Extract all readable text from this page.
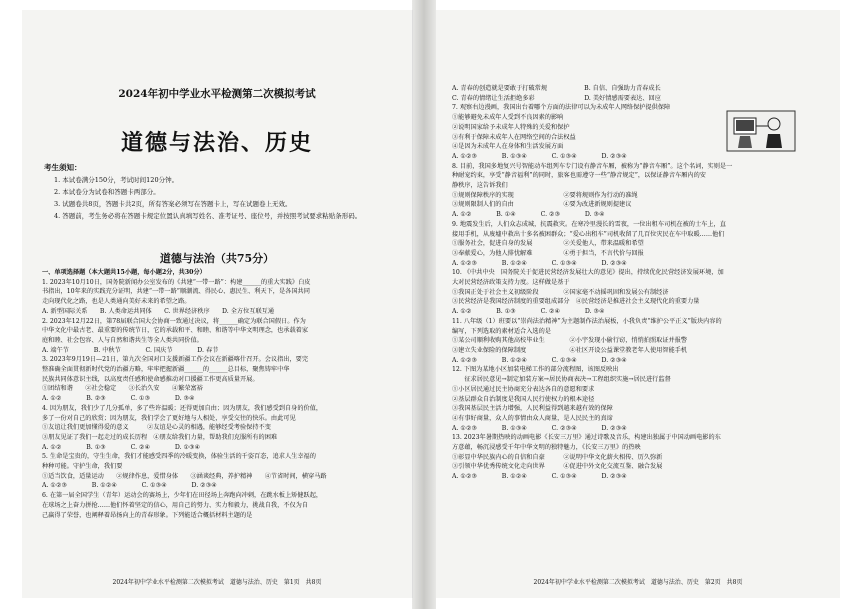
2024年初中学业水平检测第二次模拟考试
道德与法治、历史
考生须知：
1. 本试卷满分150分，考试时间120分钟。
2. 本试卷分为试卷和答题卡两部分。
3. 试题卷共8页，答题卡共2页，所有答案必须写在答题卡上，写在试题卷上无效。
4. 答题前，考生务必将在答题卡规定位置认真填写姓名、准考证号、座位号，并按照考试要求粘贴条形码。
道德与法治（共75分）
一、单项选择题（本大题共15小题，每小题2分，共30分）
1. 2023年10月10日，国务院新闻办公室发布的《共建“一带一路”：构建______的重大实践》白皮
书指出，10年来的实践充分证明，共建“一带一路”顺潮流、得民心、惠民生、利天下，是各国共同
走向现代化之路，也是人类通向美好未来的希望之路。
A. 新型国际关系　　B. 人类命运共同体　　C. 世界经济秩序　　D. 全方位互联互通
2. 2023年12月22日，第78届联合国大会协商一致通过决议，将______确定为联合国假日。作为
中华文化中最古老、最重要的传统节日，它的承载和平、和睦、和谐等中华文明理念，也承载着家
庭和睦、社会包容、人与自然和谐共生等全人类共同价值。
A. 端午节　　　　B. 中秋节　　　　C. 国庆节　　　　D. 春节
3. 2023年9月19日—21日，第九次全国对口支援新疆工作会议在新疆喀什召开。会议指出，要完
整准确全面贯彻新时代党的治疆方略，牢牢把握新疆______的______总目标，聚焦铸牢中华
民族共同体意识主线，以高度责任感和使命感推动对口援疆工作更高质量开展。
①团结和谐　　②社会稳定　　③长治久安　　④繁荣富裕
A. ①②　　　　B. ②③　　　　C. ①③　　　　D. ③④
4. 因为朋友，我们少了几分孤单，多了些许温暖；还得更加自由；因为朋友，我们感受到自身的价值，
多了一份对自己的欣赏；因为朋友，我们学会了更好地与人相处，享受交往的快乐。由此可见
①友谊让我们更加懂得爱的意义　　　②友谊是心灵的相遇，能够经受考验保持不变
③朋友见证了我们一起走过的成长历程　④朋友给我们力量，帮助我们克服所有的困难
A. ①②　　　　B. ①③　　　　C. ②④　　　　D. ①③④
5. 生命是宝贵的，守生生命，我们才能感受四季的冷暖变换，体验生活的千姿百态，追求人生幸福的
种种可能。守护生命，我们要
①适当饮食，适量运动　　②规律作息，爱惜身体　　③涵谈经典，养护精神　　④节省时间，横穿马路
A. ①②③　　　　B. ①②④　　　　C. ①③④　　　　D. ②③④
6. 在第一届全国学生（青年）运动会的赛场上，少年们在田径场上奔跑向冲刺，在跳水板上矫健跃起，
在球场之上奋力拼抢……他们怀着坚定的信心，用自己的努力、实力和毅力，挑战自我，不仅为自
己赢得了荣誉，也阐释着昂扬向上的青春形象。下列能适合概括材料主题的是
2024年初中学业水平检测第二次模拟考试　道德与法治、历史　第1页　共8页
A. 青春的创造就是要敢于打破常规　　　　　　B. 自信、自强助力青春成长
C. 青春的情绪让生活拒绝多彩　　　　　　　　D. 美好情感需要表达、回应
7. 观察右边漫画，我国出台着哪个方面的法律可以为未成年人网络保护提供保障
①能够避免未成年人受到不良因素的影响
②说明国家给予未成年人特殊的关爱和保护
③有利于保障未成年人在网络空间的合法权益
④是因为未成年人在身体和生活发展方面
A. ①②③　　　　B. ①③④　　　　C. ①③④　　　　D. ②③④
8. 目前，我国多地复兴号智能动车组列车专门设有静音车厢，被称为“静音车厢”。这个名词，实则是一
种耐宠约束，享受“静音福利”的同时，旅客也需遵守一些“静音规定”，以保证静音车厢内的安
静秩序，这告诉我们
①规则保障秩序的实现　　　　　　　　②要将规则作为行动的准绳
③规则限制人们的自由　　　　　　　　④要为改进新规则提建议
A. ①②　　　　B. ①④　　　　C. ②③　　　　D. ③④
9. 地震发生后，人们众志成城，抗震救灾。在寒冷里漫长的雪夜，一位出租车司机在被的士车上，直
接用手机，从废墟中救出十多名被困群众；“爱心出租车”司机收留了几百位灾民在车中取暖……他们
①服务社会，促进自身的发展　　　　　②关爱他人，带来温暖和希望
③奉献爱心，为他人排忧解难　　　　　④勇于担当，不言代价与回报
A. ①②③　　　　B. ①②④　　　　C. ①③④　　　　D. ②③④
10. 《中共中央　国务院关于促进民营经济发展壮大的意见》提出，持续优化民营经济发展环境，加
大对民营经济政策支持力度。这样做是基于
①我国正处于社会主义初级阶段　　　　②国家毫不动摇巩固和发展公有制经济
③民营经济是我国经济制度的重要组成部分　④民营经济是推进社会主义现代化的重要力量
A. ①②　　　　B. ①③　　　　C. ②④　　　　D. ③④
11. 八年级（1）班要以“崇尚法治精神”为主题制作法治展板，小我负责“维护公平正义”版块内容的
编写，下列选取的素材适合入选的是
①某公司顺利收购其他高校毕业生　　　　②小宇发现小偷行窃，悄悄拍照取证并报警
③建立失业保险的保障制度　　　　　　　④社区开设公益课堂教老年人使用智能手机
A. ①②③　　　　B. ①②④　　　　C. ①③④　　　　D. ②③④
12. 下图为某地小区加装电梯工作的部分流程图，该图反映出
　　征求居民意见→制定加装方案→居民协商表决→工程组织实施→居民进行监督
①小区居民通过民主协商充分表达各自的意愿和要求
②基层群众自治制度是我国人民行使权力的根本途径
③我国基层民主活力增强，人民利益得到越来越有效的保障
④有事好商量，众人的事情由众人商量，是人民民主的真谛
A. ①②③　　　　B. ①③④　　　　C. ②③④　　　　D. ②③④
13. 2023年暑期热映的动画电影《长安三万里》通过诗歌及音乐，构建出独属于中国动画电影的东
方意蕴，畅沉浸感受千年中华文明的独特魅力，《长安三万里》的热映
①彰显中华民族内心的自信和自豪　　　②说明中华文化薪火相传、历久弥新
③引领中华优秀传统文化走向世界　　　④促进中外文化交流互鉴、融合发展
A. ①②③　　　　B. ①②④　　　　C. ①③④　　　　D. ②③④
2024年初中学业水平检测第二次模拟考试　道德与法治、历史　第2页　共8页
